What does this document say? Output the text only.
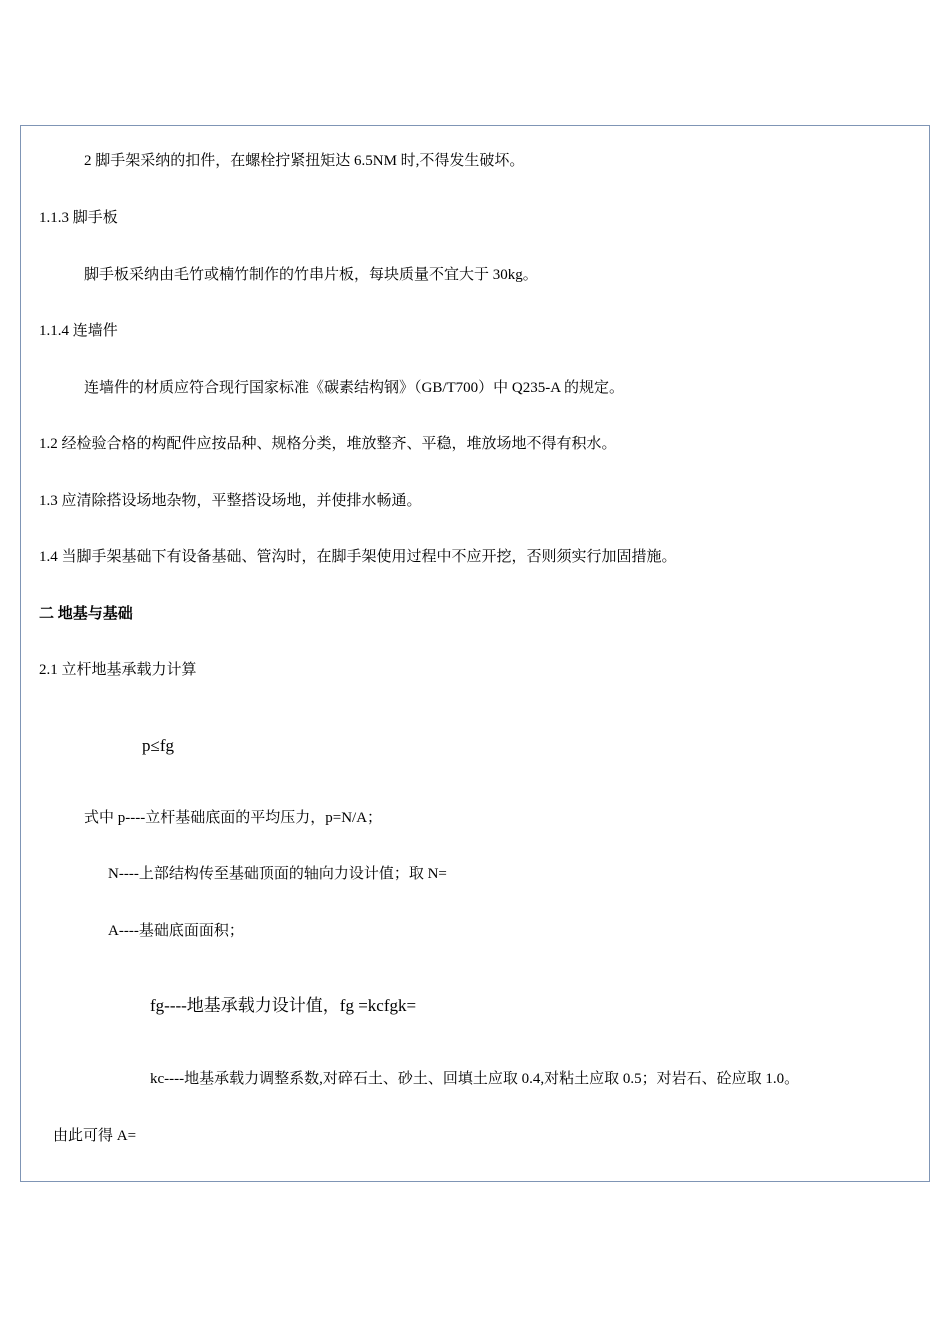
2 脚手架采纳的扣件，在螺栓拧紧扭矩达 6.5NM 时,不得发生破坏。
1.1.3 脚手板
脚手板采纳由毛竹或楠竹制作的竹串片板，每块质量不宜大于 30kg。
1.1.4 连墙件
连墙件的材质应符合现行国家标准《碳素结构钢》（GB/T700）中 Q235-A 的规定。
1.2 经检验合格的构配件应按品种、规格分类，堆放整齐、平稳，堆放场地不得有积水。
1.3 应清除搭设场地杂物，平整搭设场地，并使排水畅通。
1.4 当脚手架基础下有设备基础、管沟时，在脚手架使用过程中不应开挖，否则须实行加固措施。
二 地基与基础
2.1 立杆地基承载力计算
p≤fg
式中 p----立杆基础底面的平均压力，p=N/A；
N----上部结构传至基础顶面的轴向力设计值；取 N=
A----基础底面面积；
fg----地基承载力设计值，fg =kcfgk=
kc----地基承载力调整系数,对碎石土、砂土、回填土应取 0.4,对粘土应取 0.5；对岩石、砼应取 1.0。
由此可得 A=
